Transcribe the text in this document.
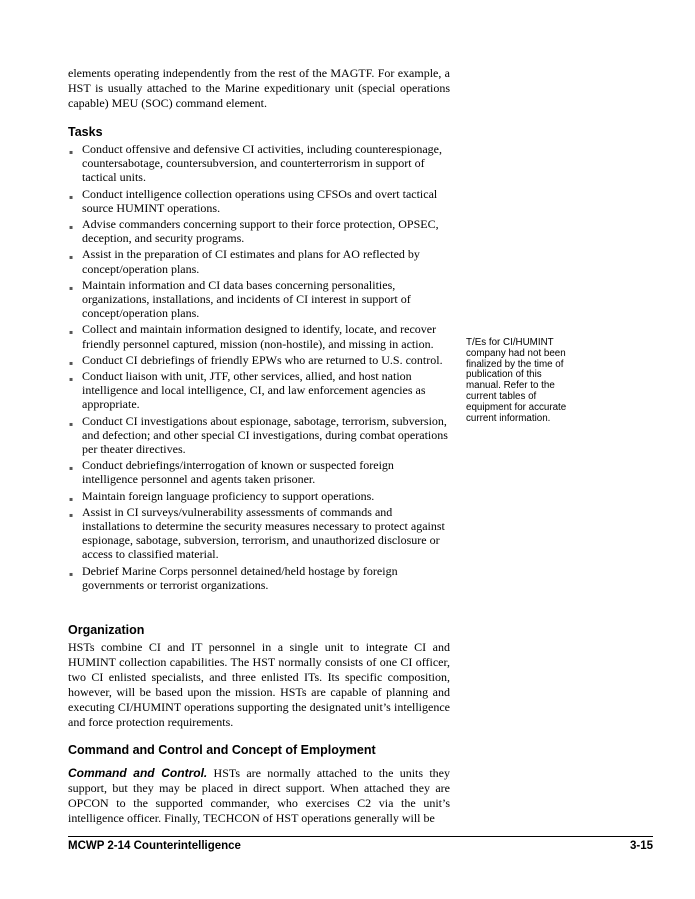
elements operating independently from the rest of the MAGTF. For example, a HST is usually attached to the Marine expeditionary unit (special operations capable) MEU (SOC) command element.

Tasks
▪ Conduct offensive and defensive CI activities, including counterespionage, countersabotage, countersubversion, and counterterrorism in support of tactical units.
▪ Conduct intelligence collection operations using CFSOs and overt tactical source HUMINT operations.
▪ Advise commanders concerning support to their force protection, OPSEC, deception, and security programs.
▪ Assist in the preparation of CI estimates and plans for AO reflected by concept/operation plans.
▪ Maintain information and CI data bases concerning personalities, organizations, installations, and incidents of CI interest in support of concept/operation plans.
▪ Collect and maintain information designed to identify, locate, and recover friendly personnel captured, mission (non-hostile), and missing in action.
▪ Conduct CI debriefings of friendly EPWs who are returned to U.S. control.
▪ Conduct liaison with unit, JTF, other services, allied, and host nation intelligence and local intelligence, CI, and law enforcement agencies as appropriate.
▪ Conduct CI investigations about espionage, sabotage, terrorism, subversion, and defection; and other special CI investigations, during combat operations per theater directives.
▪ Conduct debriefings/interrogation of known or suspected foreign intelligence personnel and agents taken prisoner.
▪ Maintain foreign language proficiency to support operations.
▪ Assist in CI surveys/vulnerability assessments of commands and installations to determine the security measures necessary to protect against espionage, sabotage, subversion, terrorism, and unauthorized disclosure or access to classified material.
▪ Debrief Marine Corps personnel detained/held hostage by foreign governments or terrorist organizations.
Organization

HSTs combine CI and IT personnel in a single unit to integrate CI and HUMINT collection capabilities. The HST normally consists of one CI officer, two CI enlisted specialists, and three enlisted ITs. Its specific composition, however, will be based upon the mission. HSTs are capable of planning and executing CI/HUMINT operations supporting the designated unit’s intelligence and force protection requirements.

Command and Control and Concept of Employment

Command and Control. HSTs are normally attached to the units they support, but they may be placed in direct support. When attached they are OPCON to the supported commander, who exercises C2 via the unit’s intelligence officer. Finally, TECHCON of HST operations generally will be

T/Es for CI/HUMINT company had not been finalized by the time of publication of this manual. Refer to the current tables of equipment for accurate current information.
MCWP 2-14 Counterintelligence	3-15
